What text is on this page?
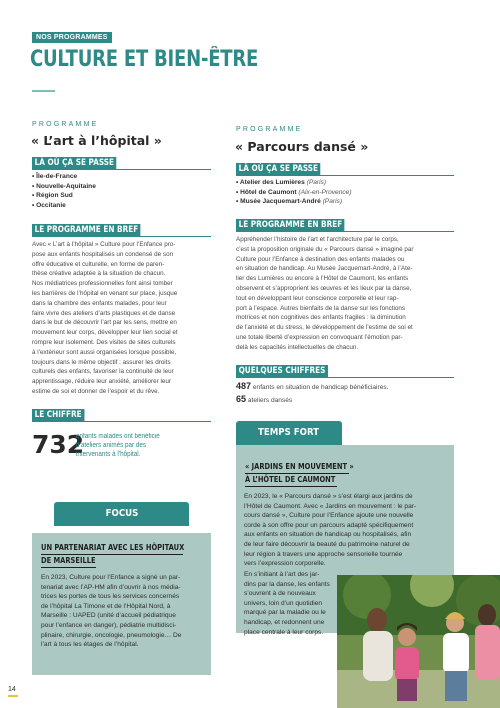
NOS PROGRAMMES
CULTURE ET BIEN-ÊTRE
PROGRAMME
« L’art à l’hôpital »
LÀ OÙ ÇA SE PASSE
• Île-de-France
• Nouvelle-Aquitaine
• Région Sud
• Occitanie
LE PROGRAMME EN BREF
Avec « L’art à l’hôpital » Culture pour l’Enfance pro-
pose aux enfants hospitalisés un condensé de son
offre éducative et culturelle, en forme de paren-
thèse créative adaptée à la situation de chacun.
Nos médiatrices professionnelles font ainsi tomber
les barrières de l’hôpital en venant sur place, jusque
dans la chambre des enfants malades, pour leur
faire vivre des ateliers d’arts plastiques et de danse
dans le but de découvrir l’art par les sens, mettre en
mouvement leur corps, développer leur lien social et
rompre leur isolement. Des visites de sites culturels
à l’extérieur sont aussi organisées lorsque possible,
toujours dans le même objectif : assurer les droits
culturels des enfants, favoriser la continuité de leur
apprentissage, réduire leur anxiété, améliorer leur
estime de soi et donner de l’espoir et du rêve.
LE CHIFFRE
732
enfants malades ont bénéficié
d’ateliers animés par des
intervenants à l’hôpital.
FOCUS
UN PARTENARIAT AVEC LES HÔPITAUX
DE MARSEILLE
En 2023, Culture pour l’Enfance a signé un par-
tenariat avec l’AP-HM afin d’ouvrir à nos média-
trices les portes de tous les services concernés
de l’hôpital La Timone et de l’Hôpital Nord, à
Marseille : UAPED (unité d’accueil pédiatrique
pour l’enfance en danger), pédiatrie multidisci-
plinaire, chirurgie, oncologie, pneumologie… De
l’art à tous les étages de l’hôpital.
PROGRAMME
« Parcours dansé »
LÀ OÙ ÇA SE PASSE
• Atelier des Lumières (Paris)
• Hôtel de Caumont (Aix-en-Provence)
• Musée Jacquemart-André (Paris)
LE PROGRAMME EN BREF
Appréhender l’histoire de l’art et l’architecture par le corps,
c’est la proposition originale du « Parcours dansé » imaginé par
Culture pour l’Enfance à destination des enfants malades ou
en situation de handicap. Au Musée Jacquemart-André, à l’Ate-
lier des Lumières ou encore à l’Hôtel de Caumont, les enfants
observent et s’approprient les œuvres et les lieux par la danse,
tout en développant leur conscience corporelle et leur rap-
port à l’espace. Autres bienfaits de la danse sur les fonctions
motrices et non cognitives des enfants fragiles : la diminution
de l’anxiété et du stress, le développement de l’estime de soi et
une totale liberté d’expression en convoquant l’émotion par-
delà les capacités intellectuelles de chacun.
QUELQUES CHIFFRES
487 enfants en situation de handicap bénéficiaires.
65 ateliers dansés
TEMPS FORT
« JARDINS EN MOUVEMENT »
À L’HÔTEL DE CAUMONT
En 2023, le « Parcours dansé » s’est élargi aux jardins de
l’Hôtel de Caumont. Avec « Jardins en mouvement : le par-
cours dansé », Culture pour l’Enfance ajoute une nouvelle
corde à son offre pour un parcours adapté spécifiquement
aux enfants en situation de handicap ou hospitalisés, afin
de leur faire découvrir la beauté du patrimoine naturel de
leur région à travers une approche sensorielle tournée
vers l’expression corporelle.
En s’initiant à l’art des jar-
dins par la danse, les enfants
s’ouvrent à de nouveaux
univers, loin d’un quotidien
marqué par la maladie ou le
handicap, et redonnent une
place centrale à leur corps.
14
